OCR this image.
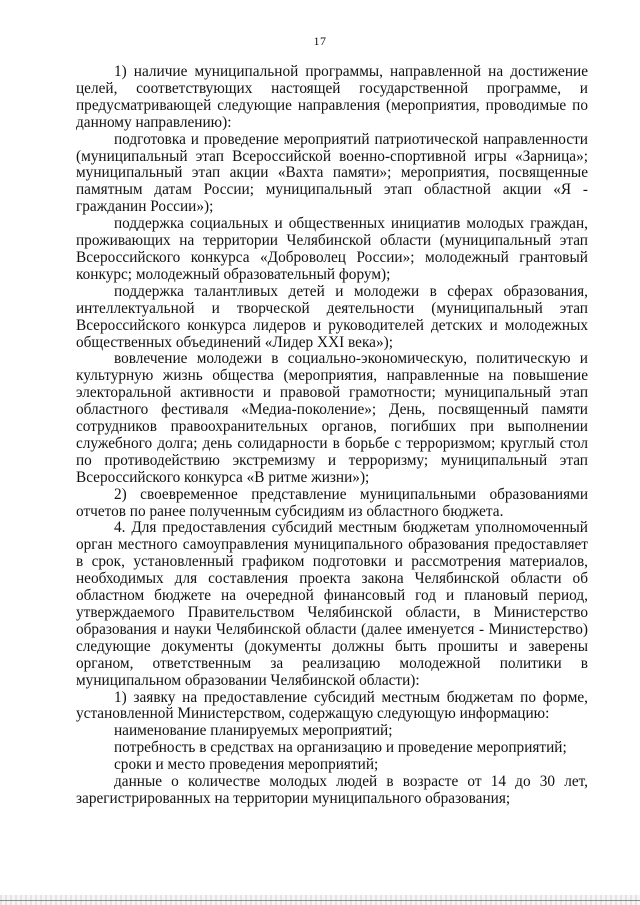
17

1) наличие муниципальной программы, направленной на достижение целей, соответствующих настоящей государственной программе, и предусматривающей следующие направления (мероприятия, проводимые по данному направлению):

подготовка и проведение мероприятий патриотической направленности (муниципальный этап Всероссийской военно-спортивной игры «Зарница»; муниципальный этап акции «Вахта памяти»; мероприятия, посвященные памятным датам России; муниципальный этап областной акции «Я - гражданин России»);

поддержка социальных и общественных инициатив молодых граждан, проживающих на территории Челябинской области (муниципальный этап Всероссийского конкурса «Доброволец России»; молодежный грантовый конкурс; молодежный образовательный форум);

поддержка талантливых детей и молодежи в сферах образования, интеллектуальной и творческой деятельности (муниципальный этап Всероссийского конкурса лидеров и руководителей детских и молодежных общественных объединений «Лидер XXI века»);

вовлечение молодежи в социально-экономическую, политическую и культурную жизнь общества (мероприятия, направленные на повышение электоральной активности и правовой грамотности; муниципальный этап областного фестиваля «Медиа-поколение»; День, посвященный памяти сотрудников правоохранительных органов, погибших при выполнении служебного долга; день солидарности в борьбе с терроризмом; круглый стол по противодействию экстремизму и терроризму; муниципальный этап Всероссийского конкурса «В ритме жизни»);

2) своевременное представление муниципальными образованиями отчетов по ранее полученным субсидиям из областного бюджета.

4. Для предоставления субсидий местным бюджетам уполномоченный орган местного самоуправления муниципального образования предоставляет в срок, установленный графиком подготовки и рассмотрения материалов, необходимых для составления проекта закона Челябинской области об областном бюджете на очередной финансовый год и плановый период, утверждаемого Правительством Челябинской области, в Министерство образования и науки Челябинской области (далее именуется - Министерство) следующие документы (документы должны быть прошиты и заверены органом, ответственным за реализацию молодежной политики в муниципальном образовании Челябинской области):

1) заявку на предоставление субсидий местным бюджетам по форме, установленной Министерством, содержащую следующую информацию:

наименование планируемых мероприятий;

потребность в средствах на организацию и проведение мероприятий;

сроки и место проведения мероприятий;

данные о количестве молодых людей в возрасте от 14 до 30 лет, зарегистрированных на территории муниципального образования;
